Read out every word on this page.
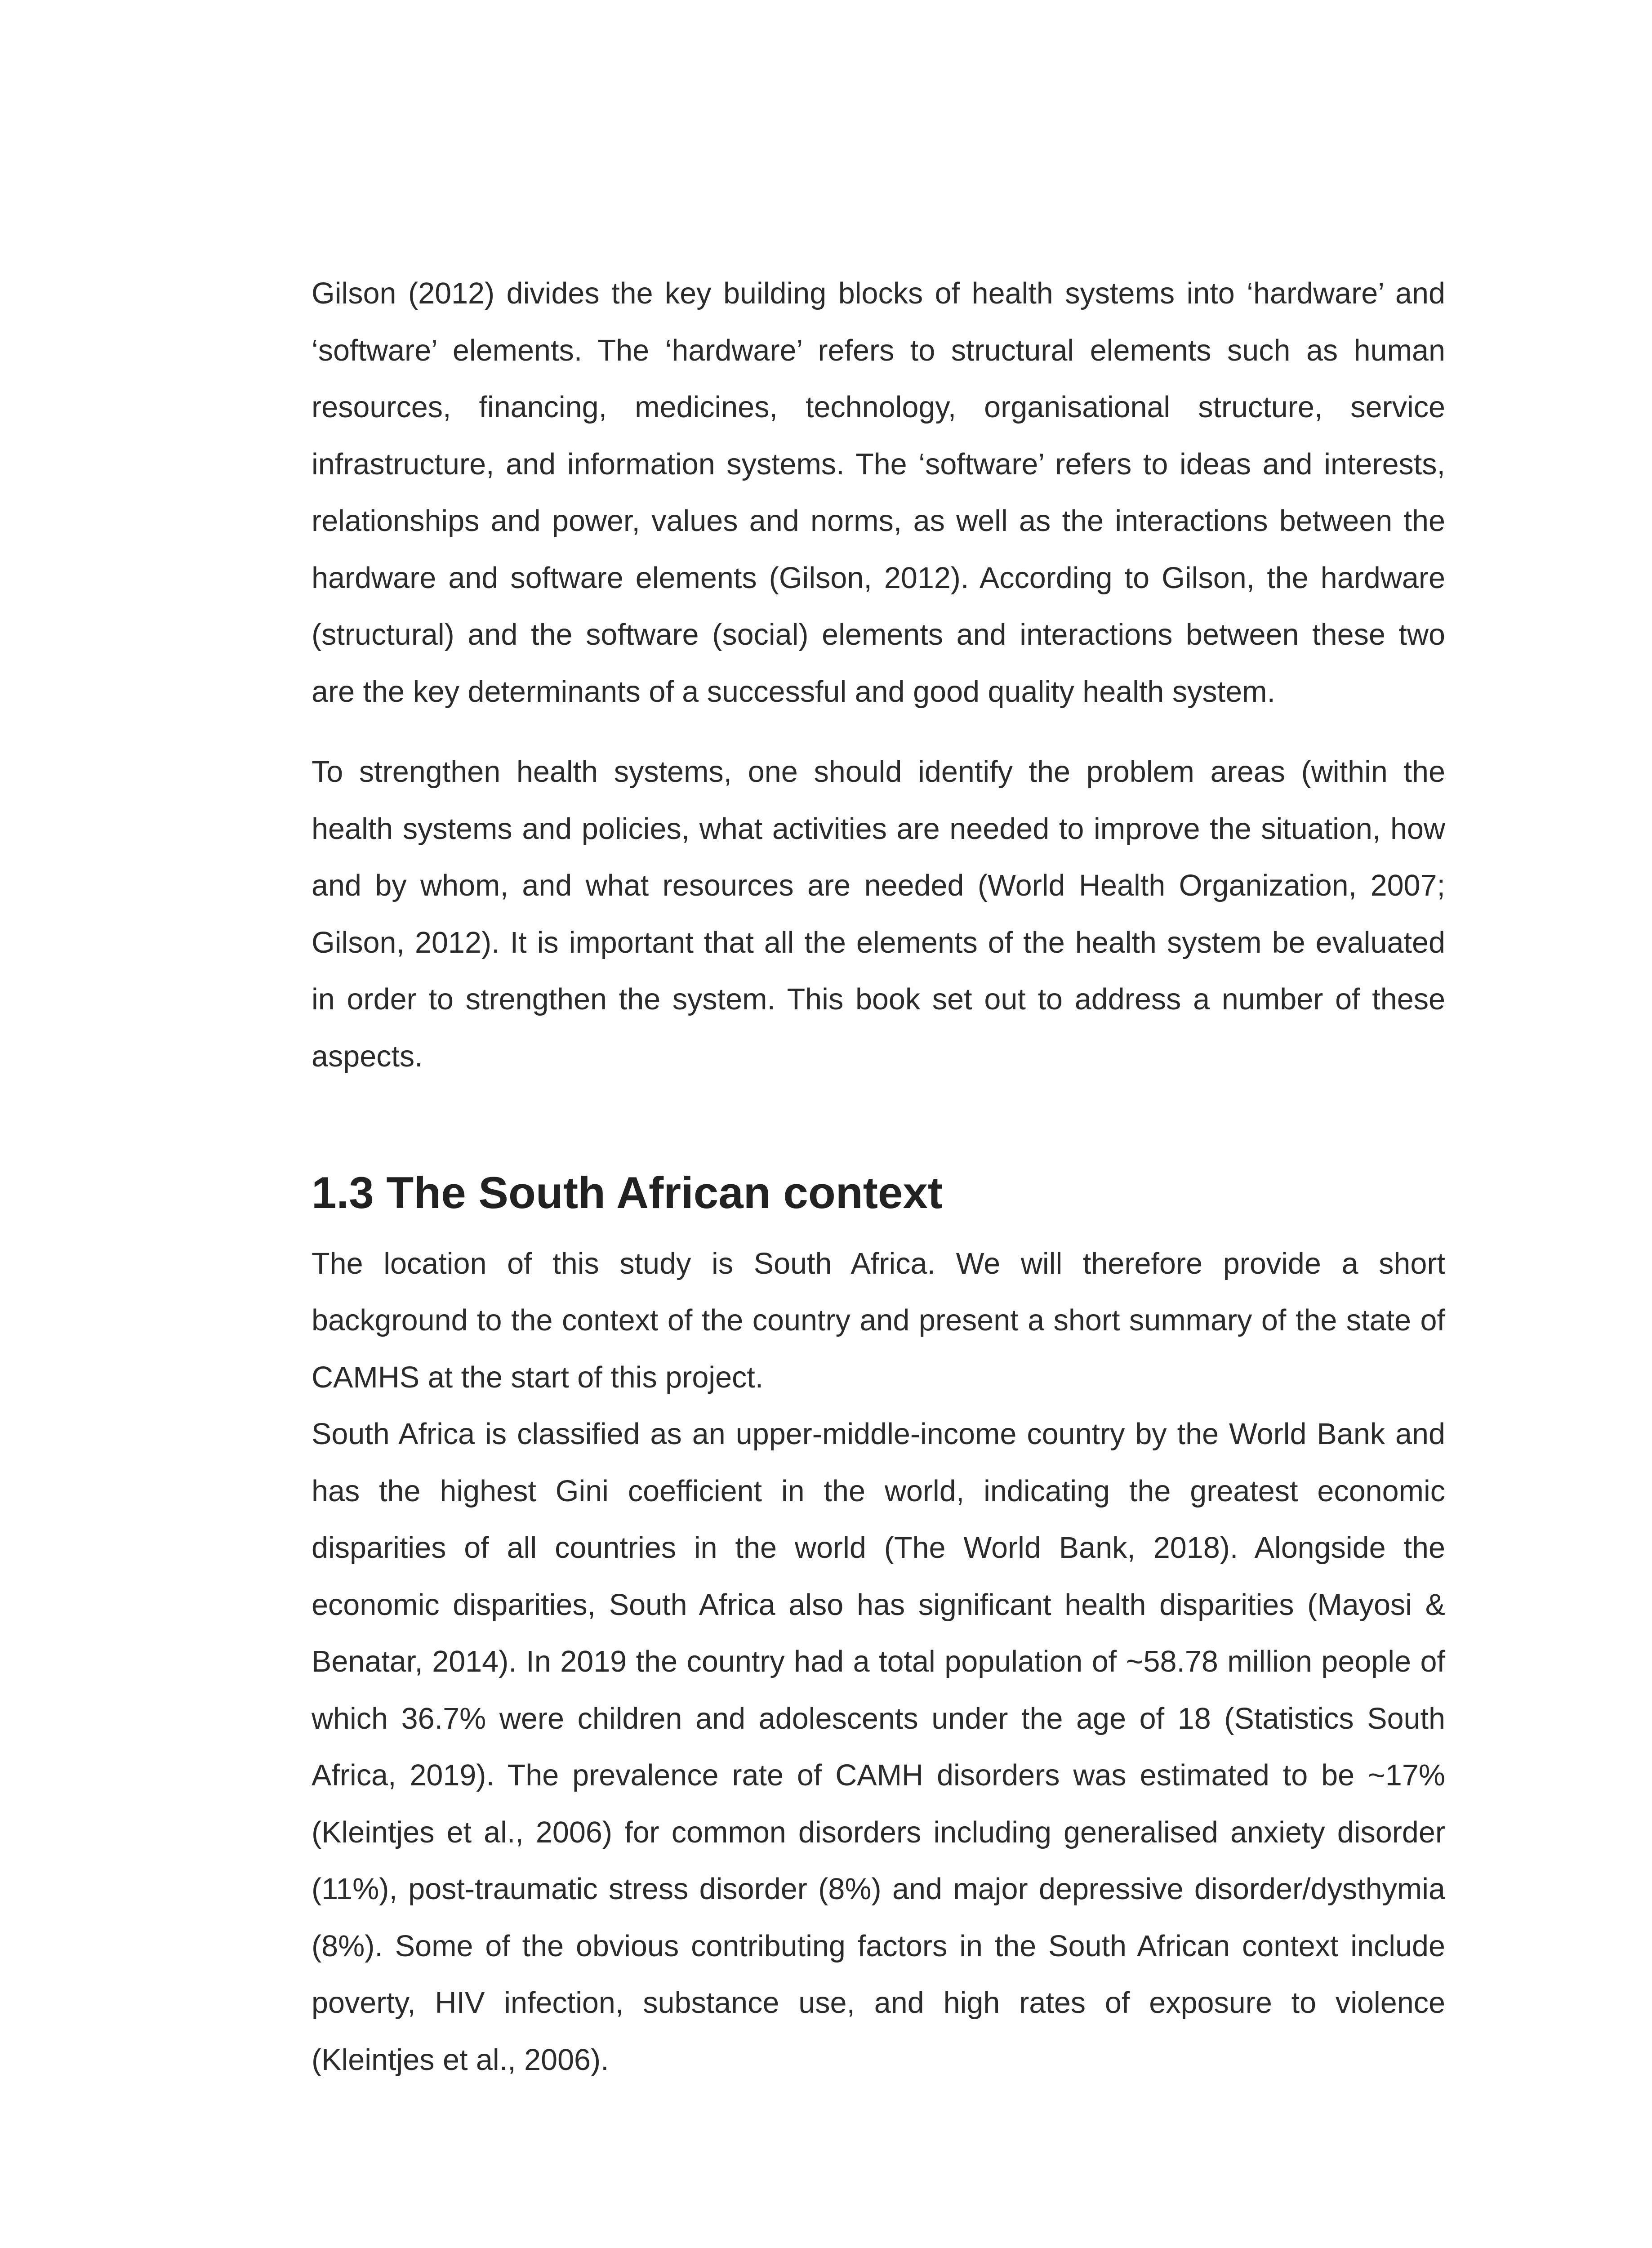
Gilson (2012) divides the key building blocks of health systems into ‘hardware’ and ‘software’ elements. The ‘hardware’ refers to structural elements such as human resources, financing, medicines, technology, organisational structure, service infrastructure, and information systems. The ‘software’ refers to ideas and interests, relationships and power, values and norms, as well as the interactions between the hardware and software elements (Gilson, 2012). According to Gilson, the hardware (structural) and the software (social) elements and interactions between these two are the key determinants of a successful and good quality health system.

To strengthen health systems, one should identify the problem areas (within the health systems and policies, what activities are needed to improve the situation, how and by whom, and what resources are needed (World Health Organization, 2007; Gilson, 2012). It is important that all the elements of the health system be evaluated in order to strengthen the system. This book set out to address a number of these aspects.

1.3 The South African context

The location of this study is South Africa. We will therefore provide a short background to the context of the country and present a short summary of the state of CAMHS at the start of this project.

South Africa is classified as an upper-middle-income country by the World Bank and has the highest Gini coefficient in the world, indicating the greatest economic disparities of all countries in the world (The World Bank, 2018). Alongside the economic disparities, South Africa also has significant health disparities (Mayosi & Benatar, 2014). In 2019 the country had a total population of ~58.78 million people of which 36.7% were children and adolescents under the age of 18 (Statistics South Africa, 2019). The prevalence rate of CAMH disorders was estimated to be ~17% (Kleintjes et al., 2006) for common disorders including generalised anxiety disorder (11%), post-traumatic stress disorder (8%) and major depressive disorder/dysthymia (8%). Some of the obvious contributing factors in the South African context include poverty, HIV infection, substance use, and high rates of exposure to violence (Kleintjes et al., 2006).
